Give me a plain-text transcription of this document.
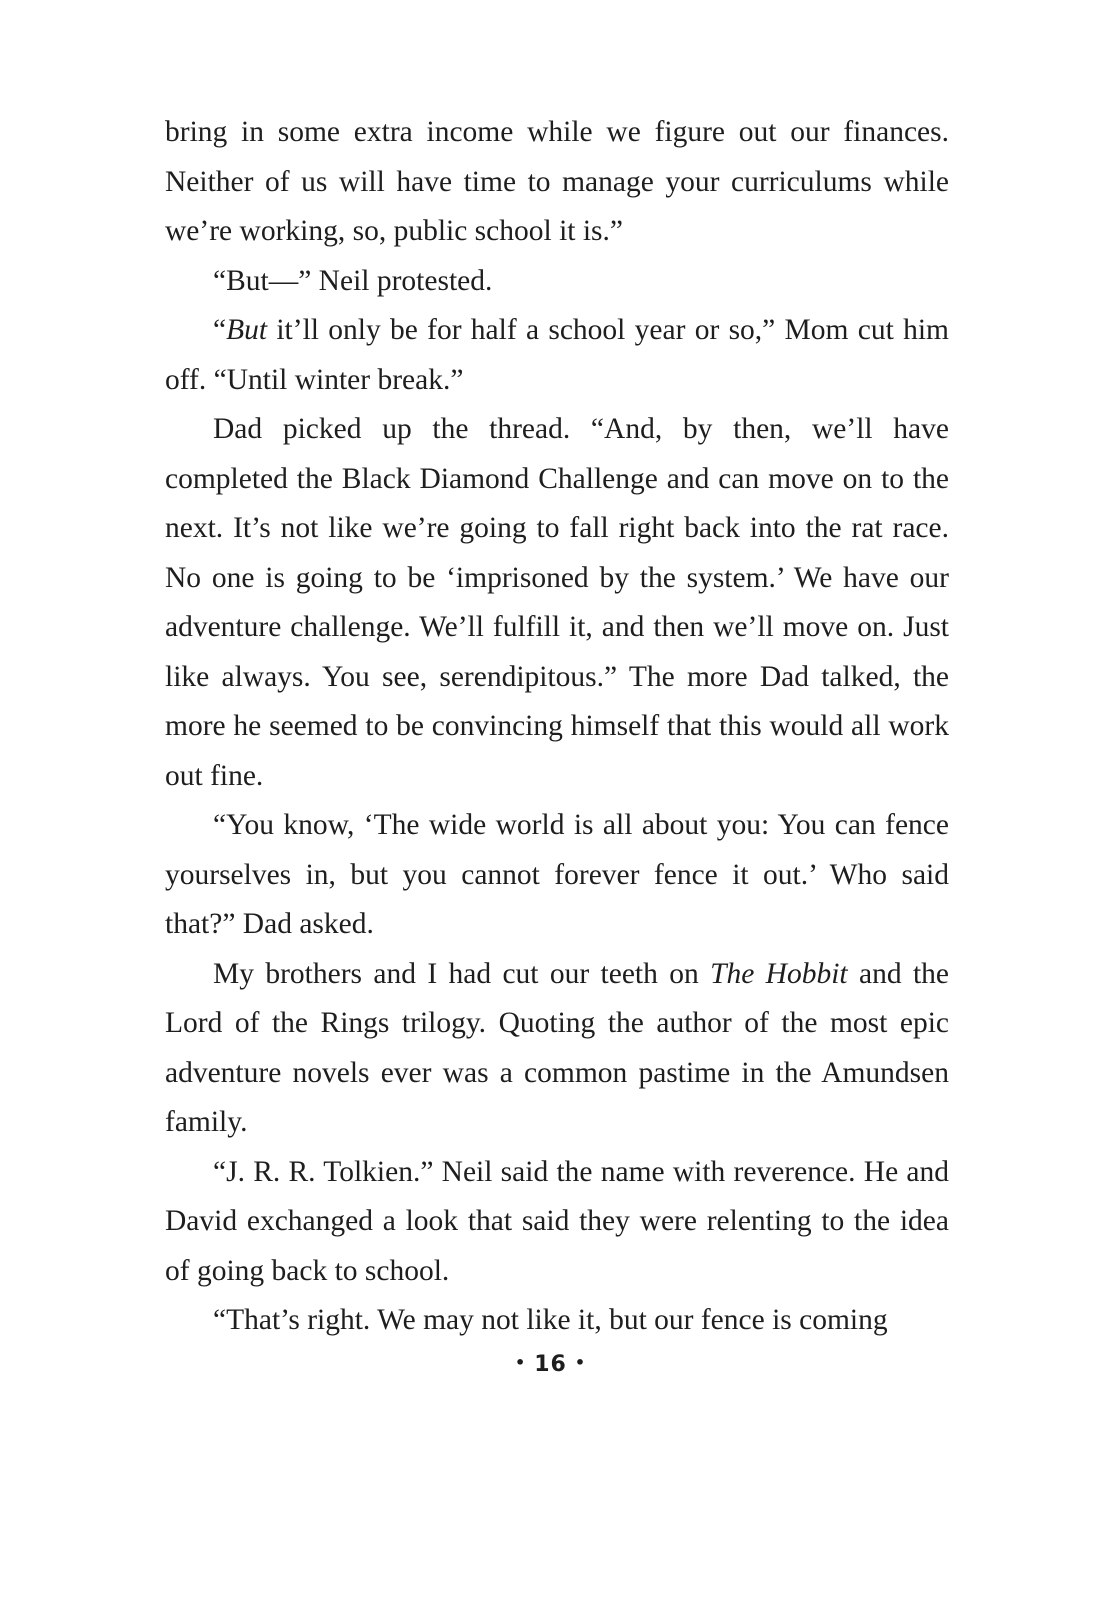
bring in some extra income while we figure out our finances. Neither of us will have time to manage your curriculums while we’re working, so, public school it is.”

“But—” Neil protested.

“But it’ll only be for half a school year or so,” Mom cut him off. “Until winter break.”

Dad picked up the thread. “And, by then, we’ll have completed the Black Diamond Challenge and can move on to the next. It’s not like we’re going to fall right back into the rat race. No one is going to be ‘imprisoned by the system.’ We have our adventure challenge. We’ll fulfill it, and then we’ll move on. Just like always. You see, serendipitous.” The more Dad talked, the more he seemed to be convincing himself that this would all work out fine.

“You know, ‘The wide world is all about you: You can fence yourselves in, but you cannot forever fence it out.’ Who said that?” Dad asked.

My brothers and I had cut our teeth on The Hobbit and the Lord of the Rings trilogy. Quoting the author of the most epic adventure novels ever was a common pastime in the Amundsen family.

“J. R. R. Tolkien.” Neil said the name with reverence. He and David exchanged a look that said they were relenting to the idea of going back to school.

“That’s right. We may not like it, but our fence is coming

• 16 •
